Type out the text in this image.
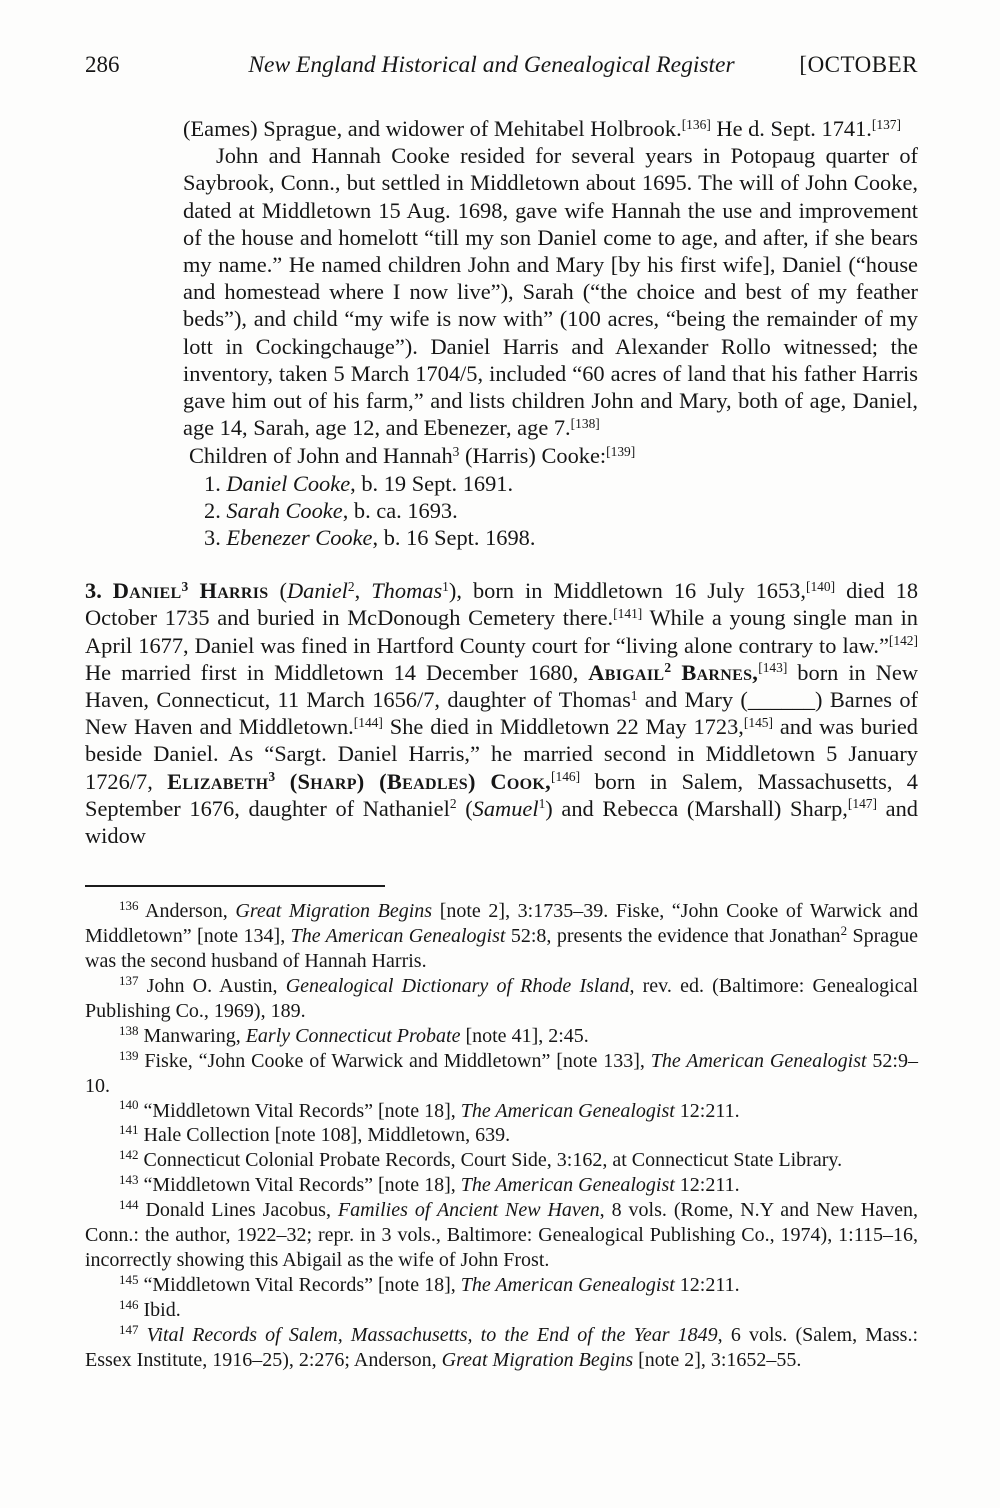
286	New England Historical and Genealogical Register	[OCTOBER
(Eames) Sprague, and widower of Mehitabel Holbrook.[136] He d. Sept. 1741.[137]
John and Hannah Cooke resided for several years in Potopaug quarter of Saybrook, Conn., but settled in Middletown about 1695. The will of John Cooke, dated at Middletown 15 Aug. 1698, gave wife Hannah the use and improvement of the house and homelott “till my son Daniel come to age, and after, if she bears my name.” He named children John and Mary [by his first wife], Daniel (“house and homestead where I now live”), Sarah (“the choice and best of my feather beds”), and child “my wife is now with” (100 acres, “being the remainder of my lott in Cockingchauge”). Daniel Harris and Alexander Rollo witnessed; the inventory, taken 5 March 1704/5, included “60 acres of land that his father Harris gave him out of his farm,” and lists children John and Mary, both of age, Daniel, age 14, Sarah, age 12, and Ebenezer, age 7.[138]
Children of John and Hannah$^3$ (Harris) Cooke:[139]
1. Daniel Cooke, b. 19 Sept. 1691.
2. Sarah Cooke, b. ca. 1693.
3. Ebenezer Cooke, b. 16 Sept. 1698.
3. Daniel$^3$ Harris (Daniel$^2$, Thomas$^1$), born in Middletown 16 July 1653,[140] died 18 October 1735 and buried in McDonough Cemetery there.[141] While a young single man in April 1677, Daniel was fined in Hartford County court for “living alone contrary to law.”[142] He married first in Middletown 14 December 1680, Abigail$^2$ Barnes,[143] born in New Haven, Connecticut, 11 March 1656/7, daughter of Thomas$^1$ and Mary (______) Barnes of New Haven and Middletown.[144] She died in Middletown 22 May 1723,[145] and was buried beside Daniel. As “Sargt. Daniel Harris,” he married second in Middletown 5 January 1726/7, Elizabeth$^3$ (Sharp) (Beadles) Cook,[146] born in Salem, Massachusetts, 4 September 1676, daughter of Nathaniel$^2$ (Samuel$^1$) and Rebecca (Marshall) Sharp,[147] and widow
$^{136}$ Anderson, Great Migration Begins [note 2], 3:1735–39. Fiske, “John Cooke of Warwick and Middletown” [note 134], The American Genealogist 52:8, presents the evidence that Jonathan$^2$ Sprague was the second husband of Hannah Harris.
$^{137}$ John O. Austin, Genealogical Dictionary of Rhode Island, rev. ed. (Baltimore: Genealogical Publishing Co., 1969), 189.
$^{138}$ Manwaring, Early Connecticut Probate [note 41], 2:45.
$^{139}$ Fiske, “John Cooke of Warwick and Middletown” [note 133], The American Genealogist 52:9–10.
$^{140}$ “Middletown Vital Records” [note 18], The American Genealogist 12:211.
$^{141}$ Hale Collection [note 108], Middletown, 639.
$^{142}$ Connecticut Colonial Probate Records, Court Side, 3:162, at Connecticut State Library.
$^{143}$ “Middletown Vital Records” [note 18], The American Genealogist 12:211.
$^{144}$ Donald Lines Jacobus, Families of Ancient New Haven, 8 vols. (Rome, N.Y and New Haven, Conn.: the author, 1922–32; repr. in 3 vols., Baltimore: Genealogical Publishing Co., 1974), 1:115–16, incorrectly showing this Abigail as the wife of John Frost.
$^{145}$ “Middletown Vital Records” [note 18], The American Genealogist 12:211.
$^{146}$ Ibid.
$^{147}$ Vital Records of Salem, Massachusetts, to the End of the Year 1849, 6 vols. (Salem, Mass.: Essex Institute, 1916–25), 2:276; Anderson, Great Migration Begins [note 2], 3:1652–55.
